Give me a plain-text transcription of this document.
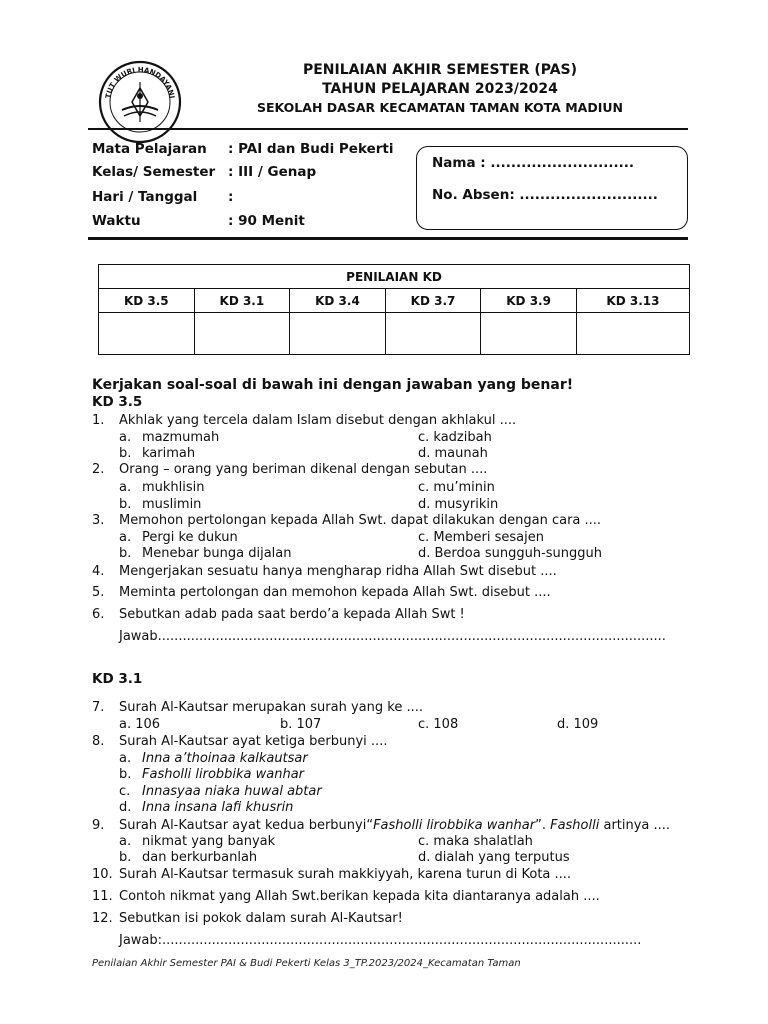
TUT WURI HANDAYANI
PENILAIAN AKHIR SEMESTER (PAS)
TAHUN PELAJARAN 2023/2024
SEKOLAH DASAR KECAMATAN TAMAN KOTA MADIUN
Mata Pelajaran : PAI dan Budi Pekerti
Kelas/ Semester : III / Genap
Hari / Tanggal :
Waktu	: 90 Menit
Nama : ............................
No. Absen: ...........................
PENILAIAN KD					
KD 3.5	KD 3.1	KD 3.4	KD 3.7	KD 3.9	KD 3.13

Kerjakan soal-soal di bawah ini dengan jawaban yang benar!
KD 3.5
1. Akhlak yang tercela dalam Islam disebut dengan akhlakul ....
a. mazmumah	c. kadzibah
b. karimah	d. maunah
2. Orang – orang yang beriman dikenal dengan sebutan ....
a. mukhlisin	c. mu’minin
b. muslimin	d. musyrikin
3. Memohon pertolongan kepada Allah Swt. dapat dilakukan dengan cara ....
a. Pergi ke dukun	c. Memberi sesajen
b. Menebar bunga dijalan	d. Berdoa sungguh-sungguh
4. Mengerjakan sesuatu hanya mengharap ridha Allah Swt disebut ....
5. Meminta pertolongan dan memohon kepada Allah Swt. disebut ....
6. Sebutkan adab pada saat berdo’a kepada Allah Swt !
Jawab...........................................................................................................................
KD 3.1
7. Surah Al-Kautsar merupakan surah yang ke ....
a. 106	b. 107	c. 108	d. 109
8. Surah Al-Kautsar ayat ketiga berbunyi ....
a. Inna a’thoinaa kalkautsar
b. Fasholli lirobbika wanhar
c. Innasyaa niaka huwal abtar
d. Inna insana lafi khusrin
9. Surah Al-Kautsar ayat kedua berbunyi“Fasholli lirobbika wanhar”. Fasholli artinya ....
a. nikmat yang banyak	c. maka shalatlah
b. dan berkurbanlah	d. dialah yang terputus
10. Surah Al-Kautsar termasuk surah makkiyyah, karena turun di Kota ....
11. Contoh nikmat yang Allah Swt.berikan kepada kita diantaranya adalah ....
12. Sebutkan isi pokok dalam surah Al-Kautsar!
Jawab:....................................................................................................................
Penilaian Akhir Semester PAI & Budi Pekerti Kelas 3_TP.2023/2024_Kecamatan Taman
